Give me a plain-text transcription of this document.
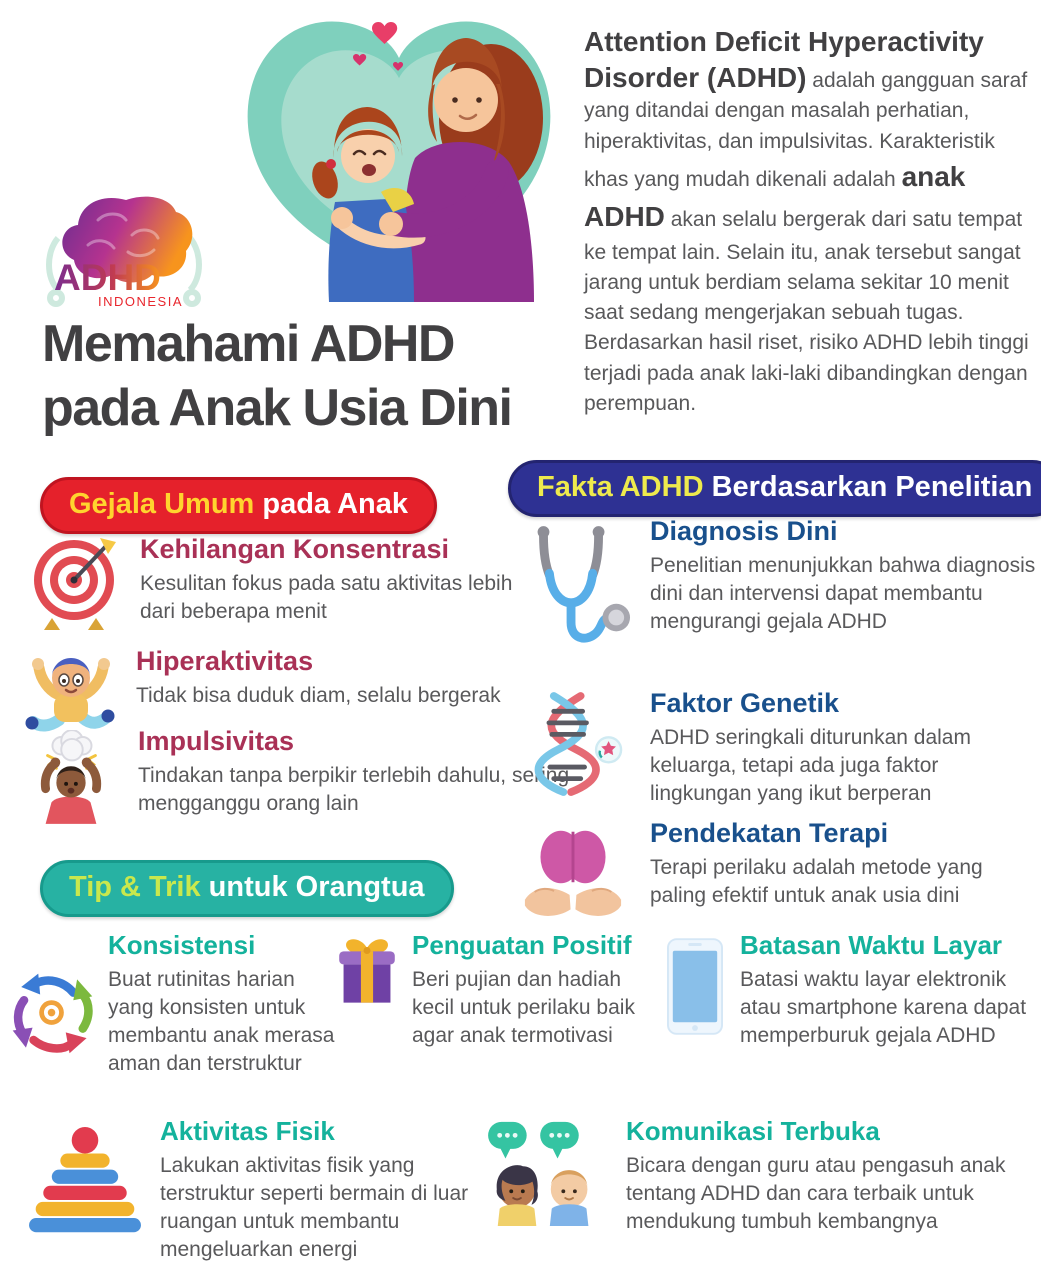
ADHD
INDONESIA
Memahami ADHD
pada Anak Usia Dini

Attention Deficit Hyperactivity Disorder (ADHD) adalah gangguan saraf yang ditandai dengan masalah perhatian, hiperaktivitas, dan impulsivitas. Karakteristik khas yang mudah dikenali adalah anak ADHD akan selalu bergerak dari satu tempat ke tempat lain. Selain itu, anak tersebut sangat jarang untuk berdiam selama sekitar 10 menit saat sedang mengerjakan sebuah tugas. Berdasarkan hasil riset, risiko ADHD lebih tinggi terjadi pada anak laki-laki dibandingkan dengan perempuan.

Gejala Umum pada Anak

Kehilangan Konsentrasi

Kesulitan fokus pada satu aktivitas lebih dari beberapa menit

Hiperaktivitas

Tidak bisa duduk diam, selalu bergerak

Impulsivitas

Tindakan tanpa berpikir terlebih dahulu, sering mengganggu orang lain

Fakta ADHD Berdasarkan Penelitian

Diagnosis Dini

Penelitian menunjukkan bahwa diagnosis dini dan intervensi dapat membantu mengurangi gejala ADHD

Faktor Genetik

ADHD seringkali diturunkan dalam keluarga, tetapi ada juga faktor lingkungan yang ikut berperan

Pendekatan Terapi

Terapi perilaku adalah metode yang paling efektif untuk anak usia dini

Tip & Trik untuk Orangtua

Konsistensi

Buat rutinitas harian yang konsisten untuk membantu anak merasa aman dan terstruktur

Penguatan Positif

Beri pujian dan hadiah kecil untuk perilaku baik agar anak termotivasi

Batasan Waktu Layar

Batasi waktu layar elektronik atau smartphone karena dapat memperburuk gejala ADHD

Aktivitas Fisik

Lakukan aktivitas fisik yang terstruktur seperti bermain di luar ruangan untuk membantu mengeluarkan energi

Komunikasi Terbuka

Bicara dengan guru atau pengasuh anak tentang ADHD dan cara terbaik untuk mendukung tumbuh kembangnya
